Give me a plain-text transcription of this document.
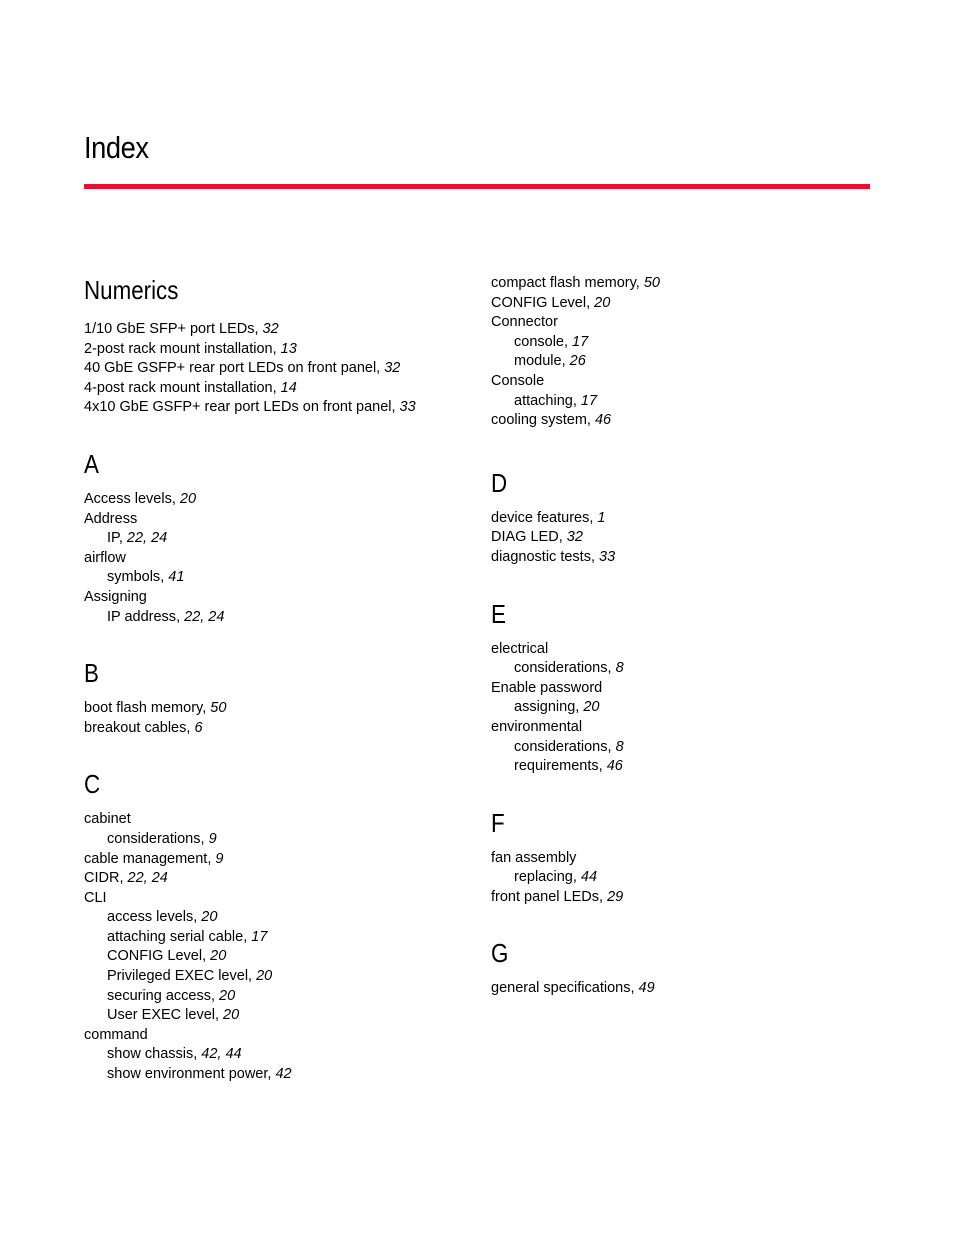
Index
Numerics
1/10 GbE SFP+ port LEDs, 32
2-post rack mount installation, 13
40 GbE GSFP+ rear port LEDs on front panel, 32
4-post rack mount installation, 14
4x10 GbE GSFP+ rear port LEDs on front panel, 33
A
Access levels, 20
Address
IP, 22, 24
airflow
symbols, 41
Assigning
IP address, 22, 24
B
boot flash memory, 50
breakout cables, 6
C
cabinet
considerations, 9
cable management, 9
CIDR, 22, 24
CLI
access levels, 20
attaching serial cable, 17
CONFIG Level, 20
Privileged EXEC level, 20
securing access, 20
User EXEC level, 20
command
show chassis, 42, 44
show environment power, 42
compact flash memory, 50
CONFIG Level, 20
Connector
console, 17
module, 26
Console
attaching, 17
cooling system, 46
D
device features, 1
DIAG LED, 32
diagnostic tests, 33
E
electrical
considerations, 8
Enable password
assigning, 20
environmental
considerations, 8
requirements, 46
F
fan assembly
replacing, 44
front panel LEDs, 29
G
general specifications, 49
